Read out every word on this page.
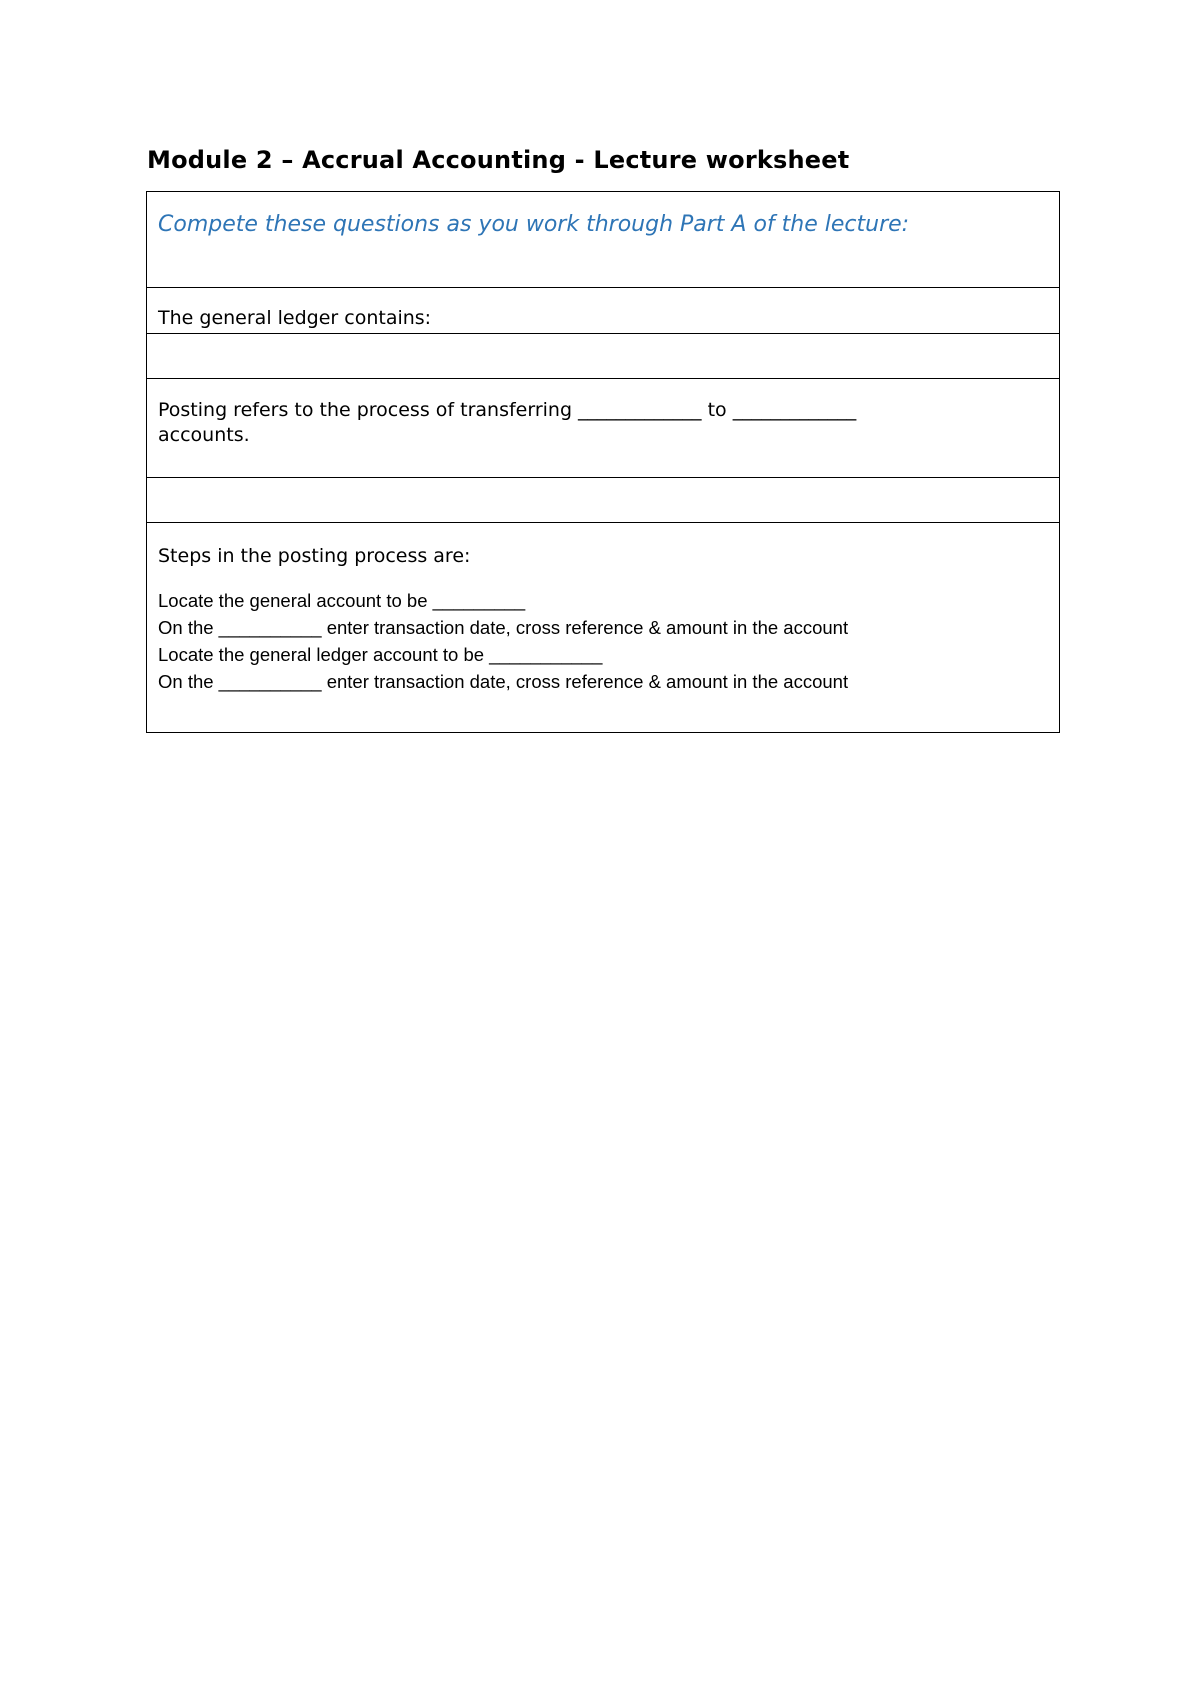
Module 2 – Accrual Accounting - Lecture worksheet
Compete these questions as you work through Part A of the lecture:
The general ledger contains:
Posting refers to the process of transferring _____________ to _____________
accounts.
Steps in the posting process are:
Locate the general account to be _________
On the __________ enter transaction date, cross reference & amount in the account
Locate the general ledger account to be ___________
On the __________ enter transaction date, cross reference & amount in the account
